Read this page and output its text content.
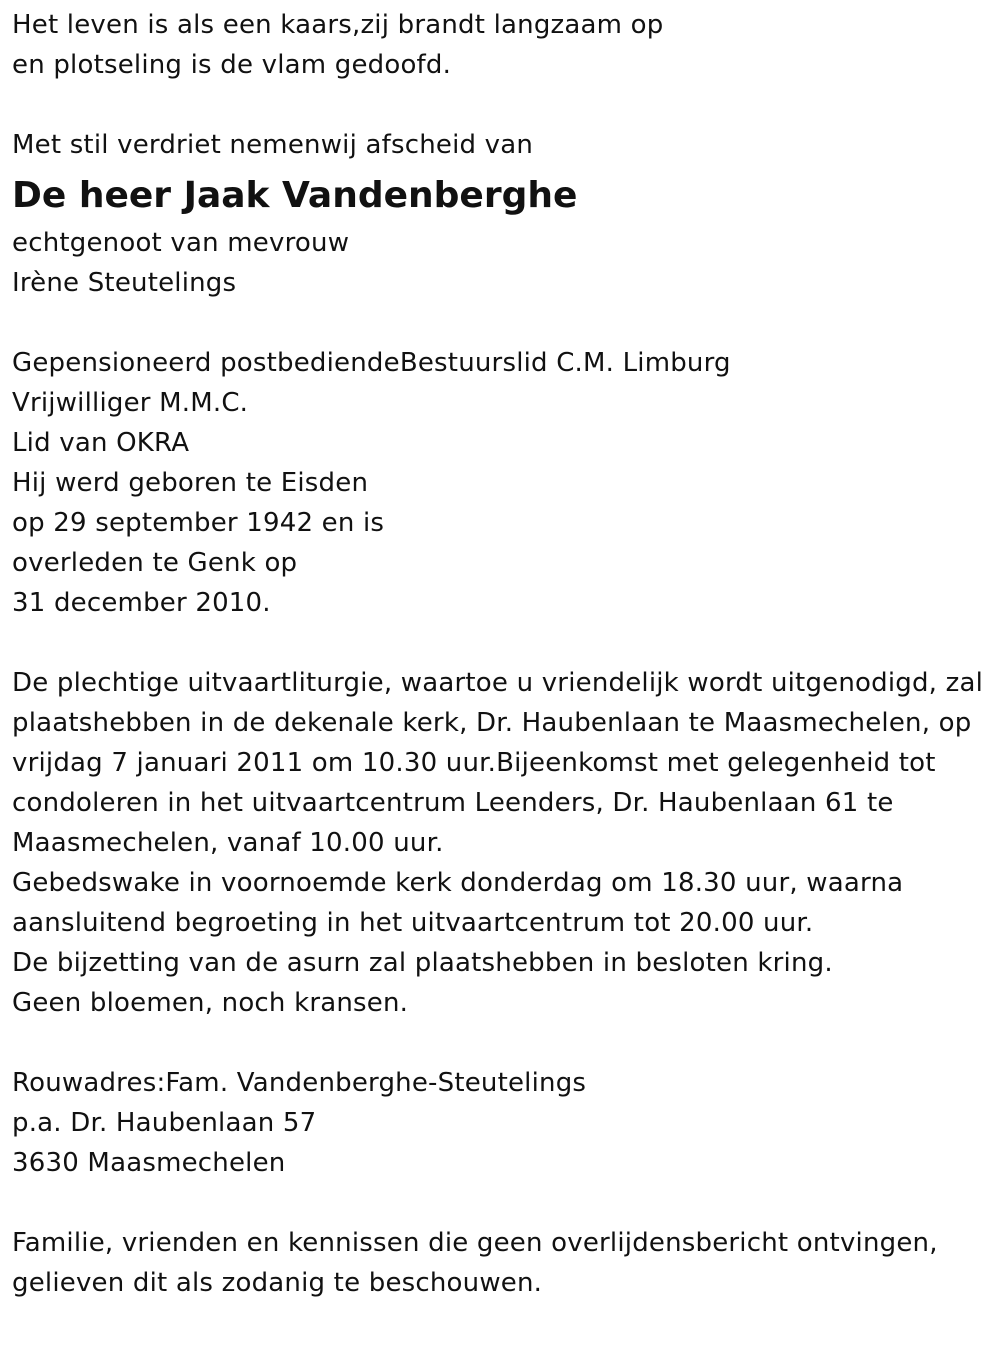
Het leven is als een kaars,zij brandt langzaam op
en plotseling is de vlam gedoofd.
Met stil verdriet nemenwij afscheid van
De heer Jaak Vandenberghe
echtgenoot van mevrouw
Irène Steutelings
Gepensioneerd postbediendeBestuurslid C.M. Limburg
Vrijwilliger M.M.C.
Lid van OKRA
Hij werd geboren te Eisden
op 29 september 1942 en is
overleden te Genk op
31 december 2010.
De plechtige uitvaartliturgie, waartoe u vriendelijk wordt uitgenodigd, zal
plaatshebben in de dekenale kerk, Dr. Haubenlaan te Maasmechelen, op
vrijdag 7 januari 2011 om 10.30 uur.Bijeenkomst met gelegenheid tot
condoleren in het uitvaartcentrum Leenders, Dr. Haubenlaan 61 te
Maasmechelen, vanaf 10.00 uur.
Gebedswake in voornoemde kerk donderdag om 18.30 uur, waarna
aansluitend begroeting in het uitvaartcentrum tot 20.00 uur.
De bijzetting van de asurn zal plaatshebben in besloten kring.
Geen bloemen, noch kransen.
Rouwadres:Fam. Vandenberghe-Steutelings
p.a. Dr. Haubenlaan 57
3630 Maasmechelen
Familie, vrienden en kennissen die geen overlijdensbericht ontvingen,
gelieven dit als zodanig te beschouwen.
